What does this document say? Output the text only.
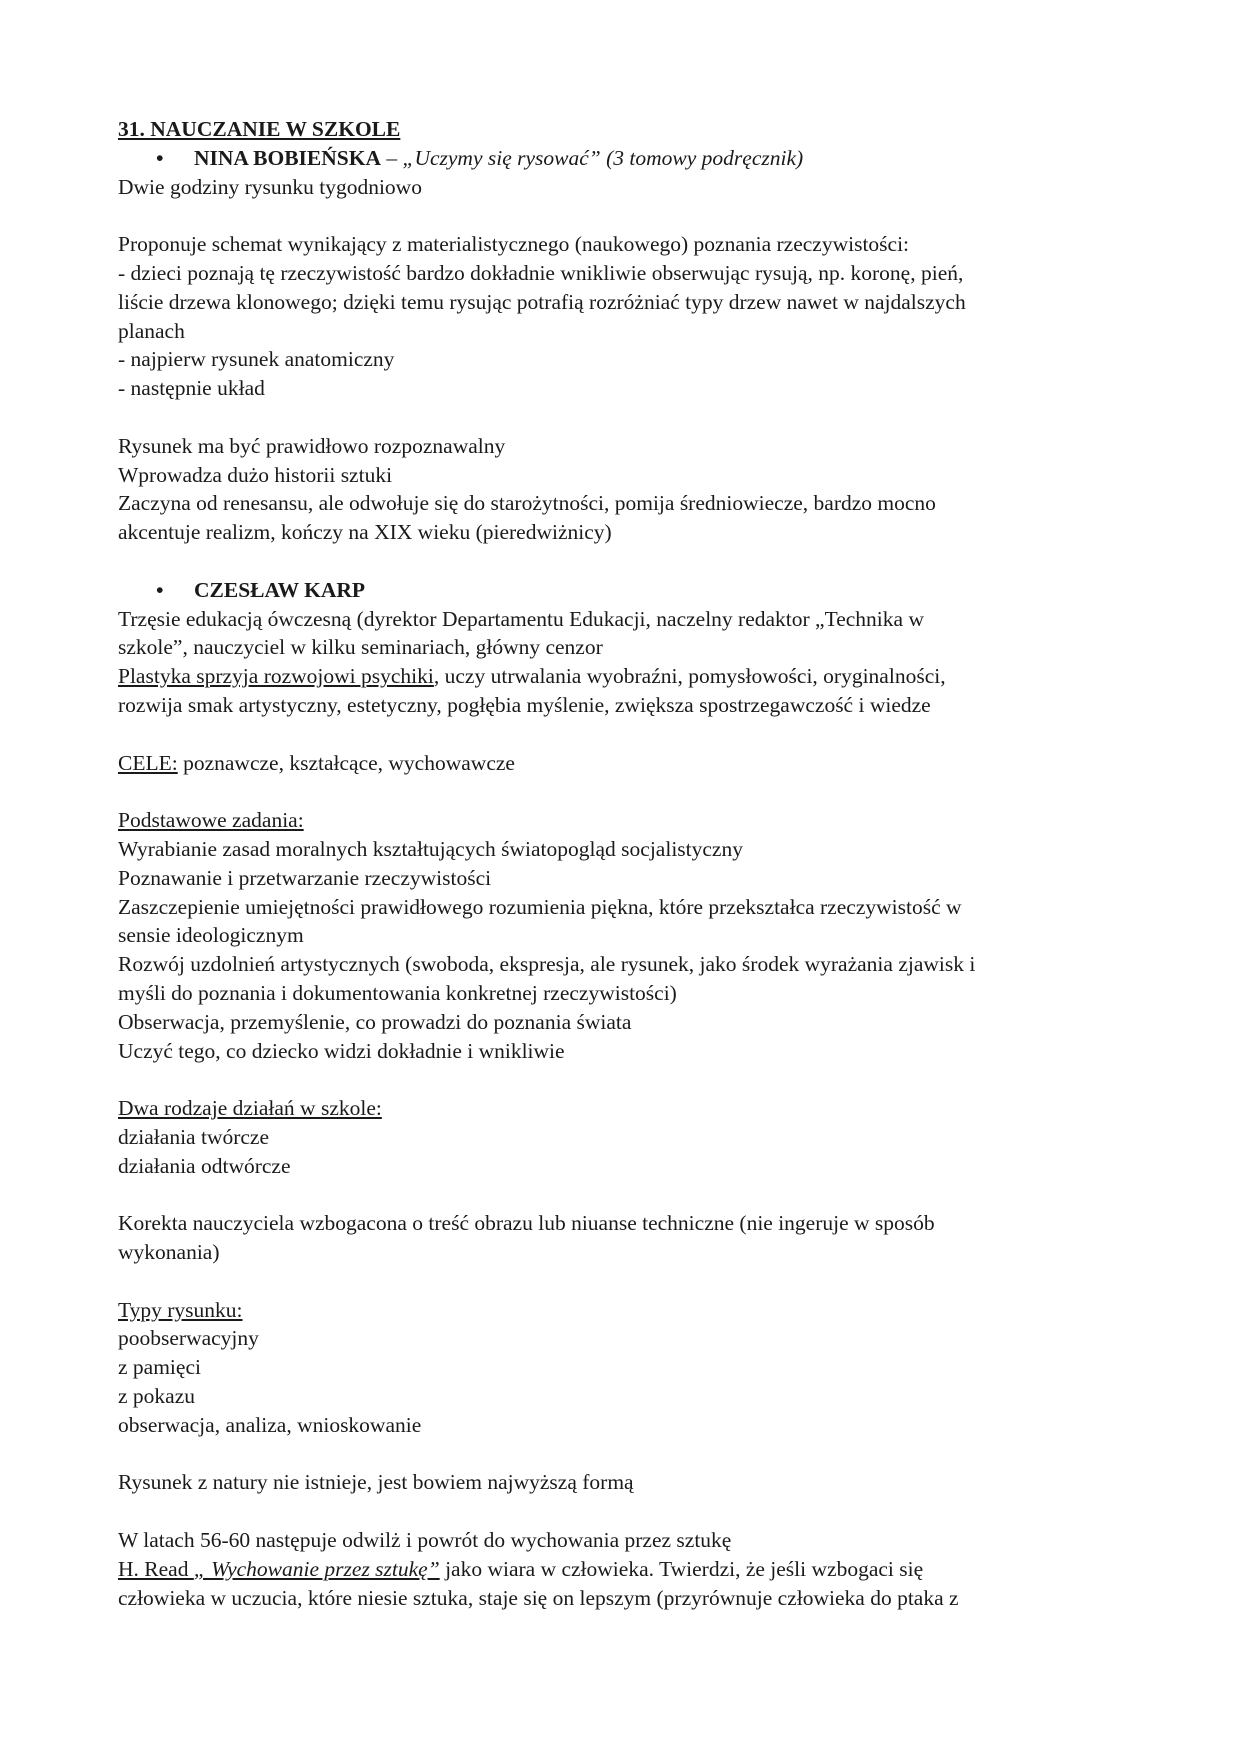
31. NAUCZANIE W SZKOLE
• NINA BOBIEŃSKA – „Uczymy się rysować” (3 tomowy podręcznik)
Dwie godziny rysunku tygodniowo
Proponuje schemat wynikający z materialistycznego (naukowego) poznania rzeczywistości:
- dzieci poznają tę rzeczywistość bardzo dokładnie wnikliwie obserwując rysują, np. koronę, pień,
liście drzewa klonowego; dzięki temu rysując potrafią rozróżniać typy drzew nawet w najdalszych
planach
- najpierw rysunek anatomiczny
- następnie układ
Rysunek ma być prawidłowo rozpoznawalny
Wprowadza dużo historii sztuki
Zaczyna od renesansu, ale odwołuje się do starożytności, pomija średniowiecze, bardzo mocno
akcentuje realizm, kończy na XIX wieku (pieredwiżnicy)
• CZESŁAW KARP
Trzęsie edukacją ówczesną (dyrektor Departamentu Edukacji, naczelny redaktor „Technika w
szkole”, nauczyciel w kilku seminariach, główny cenzor
Plastyka sprzyja rozwojowi psychiki, uczy utrwalania wyobraźni, pomysłowości, oryginalności,
rozwija smak artystyczny, estetyczny, pogłębia myślenie, zwiększa spostrzegawczość i wiedze
CELE: poznawcze, kształcące, wychowawcze
Podstawowe zadania:
Wyrabianie zasad moralnych kształtujących światopogląd socjalistyczny
Poznawanie i przetwarzanie rzeczywistości
Zaszczepienie umiejętności prawidłowego rozumienia piękna, które przekształca rzeczywistość w
sensie ideologicznym
Rozwój uzdolnień artystycznych (swoboda, ekspresja, ale rysunek, jako środek wyrażania zjawisk i
myśli do poznania i dokumentowania konkretnej rzeczywistości)
Obserwacja, przemyślenie, co prowadzi do poznania świata
Uczyć tego, co dziecko widzi dokładnie i wnikliwie
Dwa rodzaje działań w szkole:
działania twórcze
działania odtwórcze
Korekta nauczyciela wzbogacona o treść obrazu lub niuanse techniczne (nie ingeruje w sposób
wykonania)
Typy rysunku:
poobserwacyjny
z pamięci
z pokazu
obserwacja, analiza, wnioskowanie
Rysunek z natury nie istnieje, jest bowiem najwyższą formą
W latach 56-60 następuje odwilż i powrót do wychowania przez sztukę
H. Read „ Wychowanie przez sztukę” jako wiara w człowieka. Twierdzi, że jeśli wzbogaci się
człowieka w uczucia, które niesie sztuka, staje się on lepszym (przyrównuje człowieka do ptaka z
